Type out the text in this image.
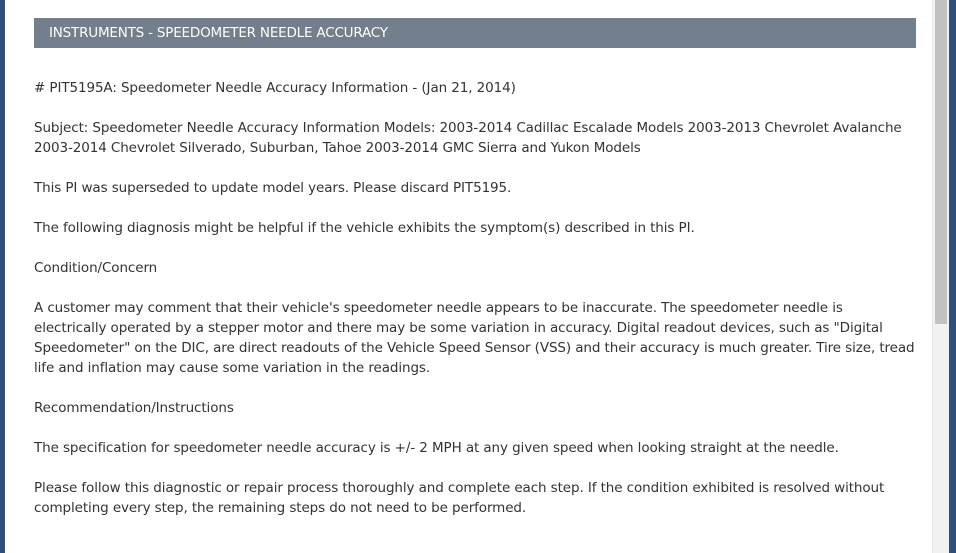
INSTRUMENTS - SPEEDOMETER NEEDLE ACCURACY

# PIT5195A: Speedometer Needle Accuracy Information - (Jan 21, 2014)

Subject: Speedometer Needle Accuracy Information Models: 2003-2014 Cadillac Escalade Models 2003-2013 Chevrolet Avalanche 2003-2014 Chevrolet Silverado, Suburban, Tahoe 2003-2014 GMC Sierra and Yukon Models

This PI was superseded to update model years. Please discard PIT5195.

The following diagnosis might be helpful if the vehicle exhibits the symptom(s) described in this PI.

Condition/Concern

A customer may comment that their vehicle's speedometer needle appears to be inaccurate. The speedometer needle is electrically operated by a stepper motor and there may be some variation in accuracy. Digital readout devices, such as "Digital Speedometer" on the DIC, are direct readouts of the Vehicle Speed Sensor (VSS) and their accuracy is much greater. Tire size, tread life and inflation may cause some variation in the readings.

Recommendation/Instructions

The specification for speedometer needle accuracy is +/- 2 MPH at any given speed when looking straight at the needle.

Please follow this diagnostic or repair process thoroughly and complete each step. If the condition exhibited is resolved without completing every step, the remaining steps do not need to be performed.
